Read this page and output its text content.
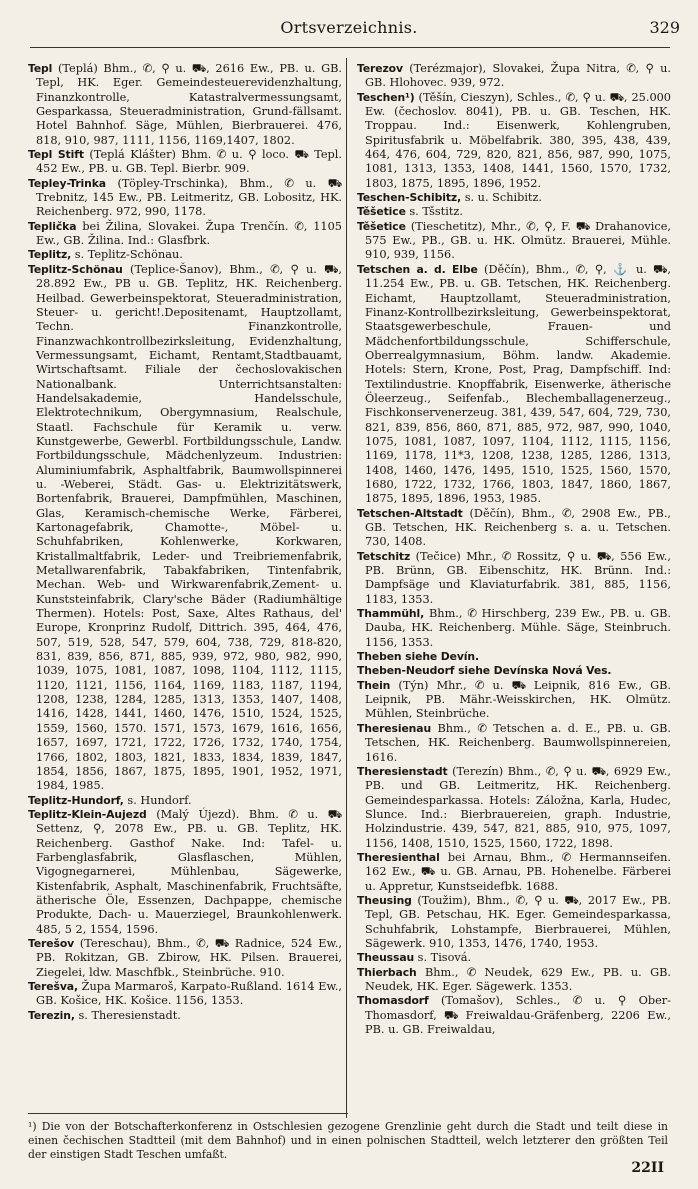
Ortsverzeichnis.	329
Tepl (Teplá) Bhm., ✆, ⚲ u. ⛟, 2616 Ew., PB. u. GB. Tepl, HK. Eger. Gemeindesteuerevidenzhaltung, Finanzkontrolle, Katastralvermessungsamt, Gesparkassa, Steueradministration, Grund-fällsamt. Hotel Bahnhof. Säge, Mühlen, Bierbrauerei. 476, 818, 910, 987, 1111, 1156, 1169,1407, 1802.
Tepl Stift (Teplá Klášter) Bhm. ✆ u. ⚲ loco. ⛟ Tepl. 452 Ew., PB. u. GB. Tepl. Bierbr. 909.
Tepley-Trinka (Töpley-Trschinka), Bhm., ✆ u. ⛟ Trebnitz, 145 Ew., PB. Leitmeritz, GB. Lobositz, HK. Reichenberg. 972, 990, 1178.
Teplička bei Žilina, Slovakei. Župa Trenčín. ✆, 1105 Ew., GB. Žilina. Ind.: Glasfbrk.
Teplitz, s. Teplitz-Schönau.
Teplitz-Schönau (Teplice-Šanov), Bhm., ✆, ⚲ u. ⛟, 28.892 Ew., PB u. GB. Teplitz, HK. Reichenberg. Heilbad. Gewerbeinspektorat, Steueradministration, Steuer- u. gericht!.Depositenamt, Hauptzollamt, Techn. Finanzkontrolle, Finanzwachkontrollbezirksleitung, Evidenzhaltung, Vermessungsamt, Eichamt, Rentamt,Stadtbauamt, Wirtschaftsamt. Filiale der čechoslovakischen Nationalbank. Unterrichtsanstalten: Handelsakademie, Handelsschule, Elektrotechnikum, Obergymnasium, Realschule, Staatl. Fachschule für Keramik u. verw. Kunstgewerbe, Gewerbl. Fortbildungsschule, Landw. Fortbildungsschule, Mädchenlyzeum. Industrien: Aluminiumfabrik, Asphaltfabrik, Baumwollspinnerei u. -Weberei, Städt. Gas- u. Elektrizitätswerk, Bortenfabrik, Brauerei, Dampfmühlen, Maschinen, Glas, Keramisch-chemische Werke, Färberei, Kartonagefabrik, Chamotte-, Möbel- u. Schuhfabriken, Kohlenwerke, Korkwaren, Kristallmaltfabrik, Leder- und Treibriemenfabrik, Metallwarenfabrik, Tabakfabriken, Tintenfabrik, Mechan. Web- und Wirkwarenfabrik,Zement- u. Kunststeinfabrik, Clary'sche Bäder (Radiumhältige Thermen). Hotels: Post, Saxe, Altes Rathaus, del' Europe, Kronprinz Rudolf, Dittrich. 395, 464, 476, 507, 519, 528, 547, 579, 604, 738, 729, 818-820, 831, 839, 856, 871, 885, 939, 972, 980, 982, 990, 1039, 1075, 1081, 1087, 1098, 1104, 1112, 1115, 1120, 1121, 1156, 1164, 1169, 1183, 1187, 1194, 1208, 1238, 1284, 1285, 1313, 1353, 1407, 1408, 1416, 1428, 1441, 1460, 1476, 1510, 1524, 1525, 1559, 1560, 1570. 1571, 1573, 1679, 1616, 1656, 1657, 1697, 1721, 1722, 1726, 1732, 1740, 1754, 1766, 1802, 1803, 1821, 1833, 1834, 1839, 1847, 1854, 1856, 1867, 1875, 1895, 1901, 1952, 1971, 1984, 1985.
Teplitz-Hundorf, s. Hundorf.
Teplitz-Klein-Aujezd (Malý Újezd). Bhm. ✆ u. ⛟ Settenz, ⚲, 2078 Ew., PB. u. GB. Teplitz, HK. Reichenberg. Gasthof Nake. Ind: Tafel- u. Farbenglasfabrik, Glasflaschen, Mühlen, Vigognegarnerei, Mühlenbau, Sägewerke, Kistenfabrik, Asphalt, Maschinenfabrik, Fruchtsäfte, ätherische Öle, Essenzen, Dachpappe, chemische Produkte, Dach- u. Mauerziegel, Braunkohlenwerk. 485, 5 2, 1554, 1596.
Terešov (Tereschau), Bhm., ✆, ⛟ Radnice, 524 Ew., PB. Rokitzan, GB. Zbirow, HK. Pilsen. Brauerei, Ziegelei, ldw. Maschfbk., Steinbrüche. 910.
Terešva, Župa Marmaroš, Karpato-Rußland. 1614 Ew., GB. Košice, HK. Košice. 1156, 1353.
Terezin, s. Theresienstadt.
Terezov (Terézmajor), Slovakei, Župa Nitra, ✆, ⚲ u. GB. Hlohovec. 939, 972.
Teschen¹) (Těšín, Cieszyn), Schles., ✆, ⚲ u. ⛟, 25.000 Ew. (čechoslov. 8041), PB. u. GB. Teschen, HK. Troppau. Ind.: Eisenwerk, Kohlengruben, Spiritusfabrik u. Möbelfabrik. 380, 395, 438, 439, 464, 476, 604, 729, 820, 821, 856, 987, 990, 1075, 1081, 1313, 1353, 1408, 1441, 1560, 1570, 1732, 1803, 1875, 1895, 1896, 1952.
Teschen-Schibitz, s. u. Schibitz.
Těšetice s. Tšstitz.
Těšetice (Tieschetitz), Mhr., ✆, ⚲, F. ⛟ Drahanovice, 575 Ew., PB., GB. u. HK. Olmütz. Brauerei, Mühle. 910, 939, 1156.
Tetschen a. d. Elbe (Děčín), Bhm., ✆, ⚲, ⚓ u. ⛟, 11.254 Ew., PB. u. GB. Tetschen, HK. Reichenberg. Eichamt, Hauptzollamt, Steueradministration, Finanz-Kontrollbezirksleitung, Gewerbeinspektorat, Staatsgewerbeschule, Frauen- und Mädchenfortbildungsschule, Schifferschule, Oberrealgymnasium, Böhm. landw. Akademie. Hotels: Stern, Krone, Post, Prag, Dampfschiff. Ind: Textilindustrie. Knopffabrik, Eisenwerke, ätherische Öleerzeug., Seifenfab., Blechemballagenerzeug., Fischkonservenerzeug. 381, 439, 547, 604, 729, 730, 821, 839, 856, 860, 871, 885, 972, 987, 990, 1040, 1075, 1081, 1087, 1097, 1104, 1112, 1115, 1156, 1169, 1178, 11*3, 1208, 1238, 1285, 1286, 1313, 1408, 1460, 1476, 1495, 1510, 1525, 1560, 1570, 1680, 1722, 1732, 1766, 1803, 1847, 1860, 1867, 1875, 1895, 1896, 1953, 1985.
Tetschen-Altstadt (Děčín), Bhm., ✆, 2908 Ew., PB., GB. Tetschen, HK. Reichenberg s. a. u. Tetschen. 730, 1408.
Tetschitz (Tečice) Mhr., ✆ Rossitz, ⚲ u. ⛟, 556 Ew., PB. Brünn, GB. Eibenschitz, HK. Brünn. Ind.: Dampfsäge und Klaviaturfabrik. 381, 885, 1156, 1183, 1353.
Thammühl, Bhm., ✆ Hirschberg, 239 Ew., PB. u. GB. Dauba, HK. Reichenberg. Mühle. Säge, Steinbruch. 1156, 1353.
Theben siehe Devín.
Theben-Neudorf siehe Devínska Nová Ves.
Thein (Týn) Mhr., ✆ u. ⛟ Leipnik, 816 Ew., GB. Leipnik, PB. Mähr.-Weisskirchen, HK. Olmütz. Mühlen, Steinbrüche.
Theresienau Bhm., ✆ Tetschen a. d. E., PB. u. GB. Tetschen, HK. Reichenberg. Baumwollspinnereien, 1616.
Theresienstadt (Terezín) Bhm., ✆, ⚲ u. ⛟, 6929 Ew., PB. und GB. Leitmeritz, HK. Reichenberg. Gemeindesparkassa. Hotels: Záložna, Karla, Hudec, Slunce. Ind.: Bierbrauereien, graph. Industrie, Holzindustrie. 439, 547, 821, 885, 910, 975, 1097, 1156, 1408, 1510, 1525, 1560, 1722, 1898.
Theresienthal bei Arnau, Bhm., ✆ Hermannseifen. 162 Ew., ⛟ u. GB. Arnau, PB. Hohenelbe. Färberei u. Appretur, Kunstseidefbk. 1688.
Theusing (Toužim), Bhm., ✆, ⚲ u. ⛟, 2017 Ew., PB. Tepl, GB. Petschau, HK. Eger. Gemeindesparkassa, Schuhfabrik, Lohstampfe, Bierbrauerei, Mühlen, Sägewerk. 910, 1353, 1476, 1740, 1953.
Theussau s. Tisová.
Thierbach Bhm., ✆ Neudek, 629 Ew., PB. u. GB. Neudek, HK. Eger. Sägewerk. 1353.
Thomasdorf (Tomašov), Schles., ✆ u. ⚲ Ober-Thomasdorf, ⛟ Freiwaldau-Gräfenberg, 2206 Ew., PB. u. GB. Freiwaldau,
¹) Die von der Botschafterkonferenz in Ostschlesien gezogene Grenzlinie geht durch die Stadt und teilt diese in einen čechischen Stadtteil (mit dem Bahnhof) und in einen polnischen Stadtteil, welch letzterer den größten Teil der einstigen Stadt Teschen umfaßt.
22II
